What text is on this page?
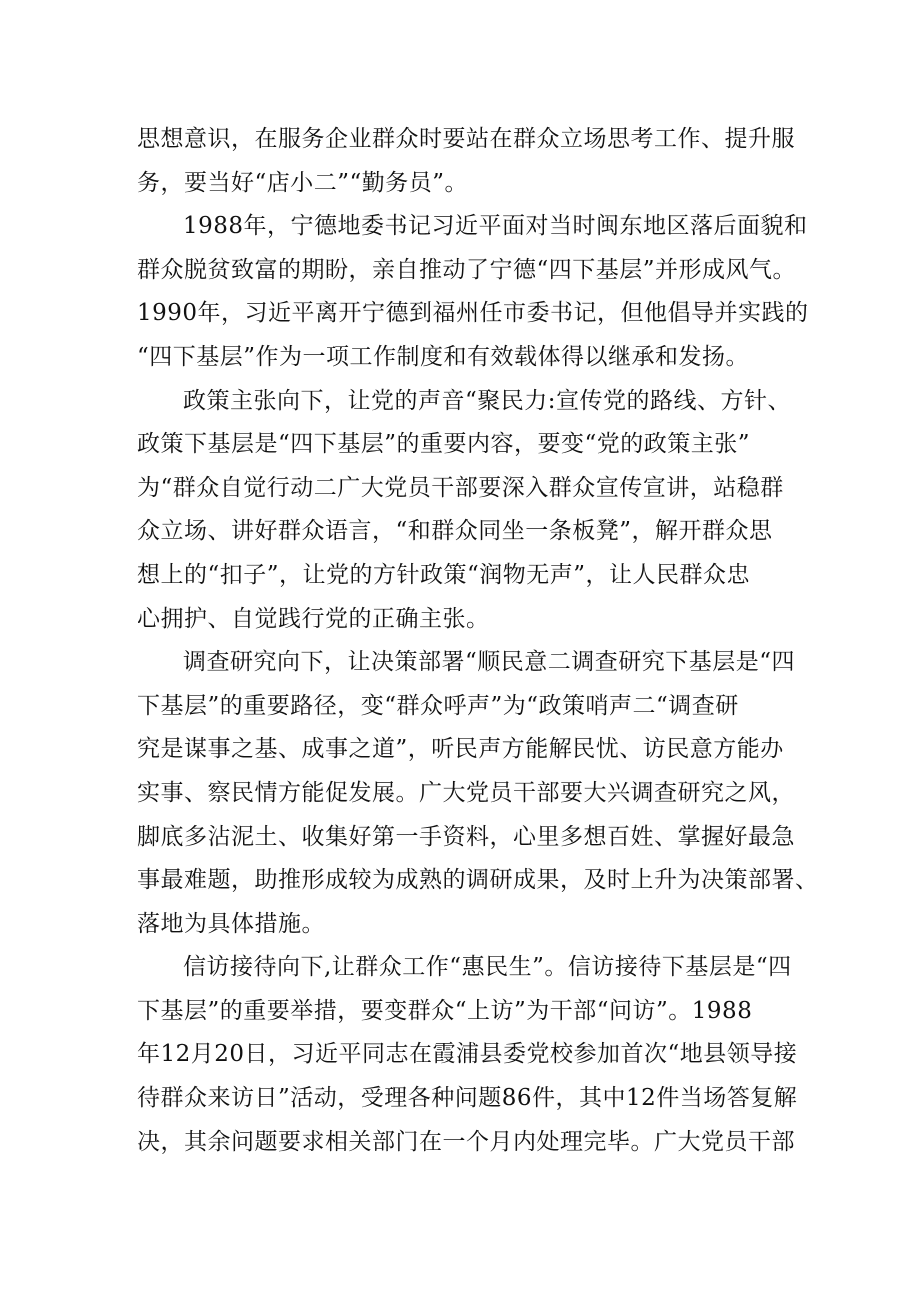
思想意识，在服务企业群众时要站在群众立场思考工作、提升服
务，要当好“店小二”“勤务员”。
1988年，宁德地委书记习近平面对当时闽东地区落后面貌和
群众脱贫致富的期盼，亲自推动了宁德“四下基层”并形成风气。
1990年，习近平离开宁德到福州任市委书记，但他倡导并实践的
“四下基层”作为一项工作制度和有效载体得以继承和发扬。
政策主张向下，让党的声音“聚民力:宣传党的路线、方针、
政策下基层是“四下基层”的重要内容，要变“党的政策主张”
为“群众自觉行动二广大党员干部要深入群众宣传宣讲，站稳群
众立场、讲好群众语言，“和群众同坐一条板凳”，解开群众思
想上的“扣子”，让党的方针政策“润物无声”，让人民群众忠
心拥护、自觉践行党的正确主张。
调查研究向下，让决策部署“顺民意二调查研究下基层是“四
下基层”的重要路径，变“群众呼声”为“政策哨声二“调查研
究是谋事之基、成事之道”，听民声方能解民忧、访民意方能办
实事、察民情方能促发展。广大党员干部要大兴调查研究之风，
脚底多沾泥土、收集好第一手资料，心里多想百姓、掌握好最急
事最难题，助推形成较为成熟的调研成果，及时上升为决策部署、
落地为具体措施。
信访接待向下,让群众工作“惠民生”。信访接待下基层是“四
下基层”的重要举措，要变群众“上访”为干部“问访”。1988
年12月20日，习近平同志在霞浦县委党校参加首次“地县领导接
待群众来访日”活动，受理各种问题86件，其中12件当场答复解
决，其余问题要求相关部门在一个月内处理完毕。广大党员干部
